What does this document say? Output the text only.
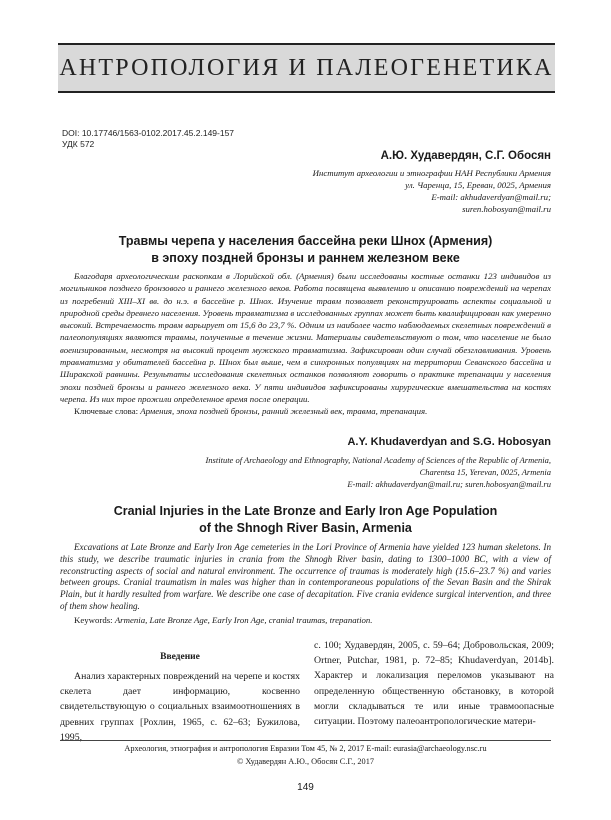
АНТРОПОЛОГИЯ И ПАЛЕОГЕНЕТИКА
DOI: 10.17746/1563-0102.2017.45.2.149-157
УДК 572
А.Ю. Худавердян, С.Г. Обосян
Институт археологии и этнографии НАН Республики Армения
ул. Чаренца, 15, Ереван, 0025, Армения
E-mail: akhudaverdyan@mail.ru;
suren.hobosyan@mail.ru
Травмы черепа у населения бассейна реки Шнох (Армения)
в эпоху поздней бронзы и раннем железном веке
Благодаря археологическим раскопкам в Лорийской обл. (Армения) были исследованы костные останки 123 индивидов из могильников позднего бронзового и раннего железного веков. Работа посвящена выявлению и описанию повреждений на черепах из погребений XIII–XI вв. до н.э. в бассейне р. Шнох. Изучение травм позволяет реконструировать аспекты социальной и природной среды древнего населения. Уровень травматизма в исследованных группах может быть квалифицирован как умеренно высокий. Встречаемость травм варьирует от 15,6 до 23,7 %. Одним из наиболее часто наблюдаемых скелетных повреждений в палеопопуляциях являются травмы, полученные в течение жизни. Материалы свидетельствуют о том, что население не было военизированным, несмотря на высокий процент мужского травматизма. Зафиксирован один случай обезглавливания. Уровень травматизма у обитателей бассейна р. Шнох был выше, чем в синхронных популяциях на территории Севанского бассейна и Ширакской равнины. Результаты исследования скелетных останков позволяют говорить о практике трепанации у населения эпохи поздней бронзы и раннего железного века. У пяти индивидов зафиксированы хирургические вмешательства на костях черепа. Из них трое прожили определенное время после операции.
Ключевые слова: Армения, эпоха поздней бронзы, ранний железный век, травма, трепанация.
A.Y. Khudaverdyan and S.G. Hobosyan
Institute of Archaeology and Ethnography, National Academy of Sciences of the Republic of Armenia,
Charentsa 15, Yerevan, 0025, Armenia
E-mail: akhudaverdyan@mail.ru; suren.hobosyan@mail.ru
Cranial Injuries in the Late Bronze and Early Iron Age Population
of the Shnogh River Basin, Armenia
Excavations at Late Bronze and Early Iron Age cemeteries in the Lori Province of Armenia have yielded 123 human skeletons. In this study, we describe traumatic injuries in crania from the Shnogh River basin, dating to 1300–1000 BC, with a view of reconstructing aspects of social and natural environment. The occurrence of traumas is moderately high (15.6–23.7 %) and varies between groups. Cranial traumatism in males was higher than in contemporaneous populations of the Sevan Basin and the Shirak Plain, but it hardly resulted from warfare. We describe one case of decapitation. Five crania evidence surgical intervention, and three of them show healing.
Keywords: Armenia, Late Bronze Age, Early Iron Age, cranial traumas, trepanation.
Введение
Анализ характерных повреждений на черепе и костях скелета дает информацию, косвенно свидетельствующую о социальных взаимоотношениях в древних группах [Рохлин, 1965, с. 62–63; Бужилова, 1995,
с. 100; Худавердян, 2005, с. 59–64; Добровольская, 2009; Ortner, Putchar, 1981, p. 72–85; Khudaverdyan, 2014b]. Характер и локализация переломов указывают на определенную общественную обстановку, в которой могли складываться те или иные травмоопасные ситуации. Поэтому палеоантропологические матери-
Археология, этнография и антропология Евразии Том 45, № 2, 2017 E-mail: eurasia@archaeology.nsc.ru
© Худавердян А.Ю., Обосян С.Г., 2017
149
